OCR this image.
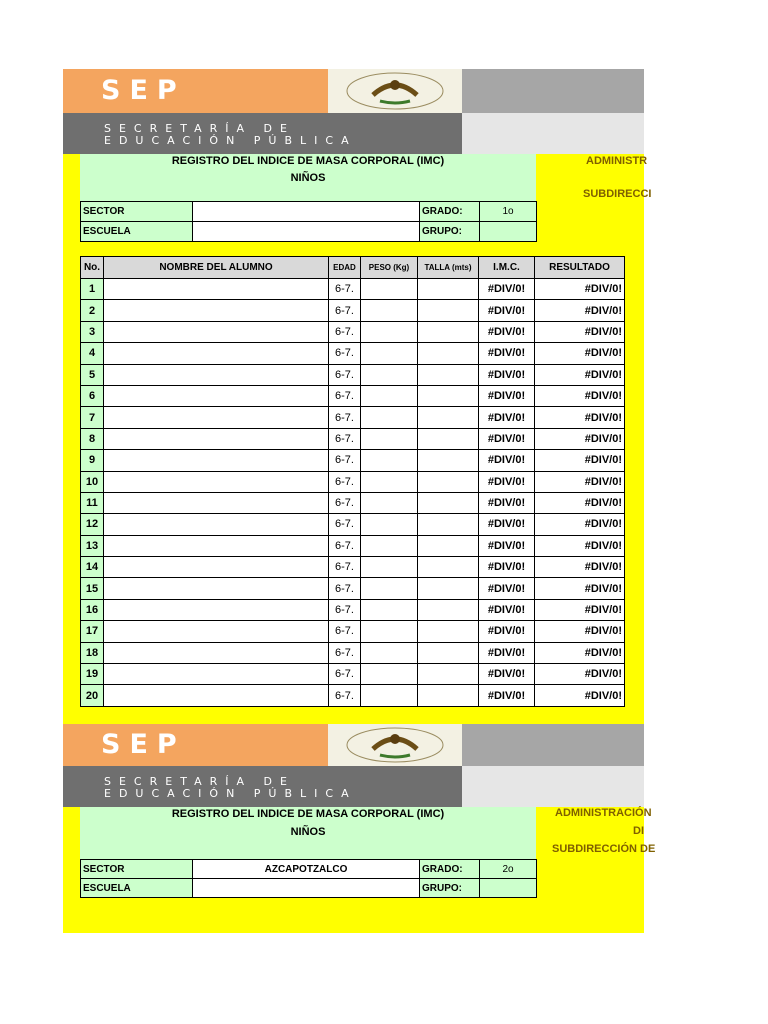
SEP
SECRETARÍA DE
EDUCACIÓN PÚBLICA
REGISTRO DEL INDICE DE MASA CORPORAL (IMC)
NIÑOS
ADMINISTR
SUBDIRECCI
SECTOR	GRADO:	1o
ESCUELA	GRUPO:
No.	NOMBRE DEL ALUMNO	EDAD	PESO (Kg)	TALLA (mts)	I.M.C.	RESULTADO
1		6-7.			#DIV/0!	#DIV/0!
2		6-7.			#DIV/0!	#DIV/0!
3		6-7.			#DIV/0!	#DIV/0!
4		6-7.			#DIV/0!	#DIV/0!
5		6-7.			#DIV/0!	#DIV/0!
6		6-7.			#DIV/0!	#DIV/0!
7		6-7.			#DIV/0!	#DIV/0!
8		6-7.			#DIV/0!	#DIV/0!
9		6-7.			#DIV/0!	#DIV/0!
10		6-7.			#DIV/0!	#DIV/0!
11		6-7.			#DIV/0!	#DIV/0!
12		6-7.			#DIV/0!	#DIV/0!
13		6-7.			#DIV/0!	#DIV/0!
14		6-7.			#DIV/0!	#DIV/0!
15		6-7.			#DIV/0!	#DIV/0!
16		6-7.			#DIV/0!	#DIV/0!
17		6-7.			#DIV/0!	#DIV/0!
18		6-7.			#DIV/0!	#DIV/0!
19		6-7.			#DIV/0!	#DIV/0!
20		6-7.			#DIV/0!	#DIV/0!
SEP
SECRETARÍA DE
EDUCACIÓN PÚBLICA
REGISTRO DEL INDICE DE MASA CORPORAL (IMC)
NIÑOS
ADMINISTRACIÓN
DI
SUBDIRECCIÓN DE
SECTOR	AZCAPOTZALCO	GRADO:	2o
ESCUELA	GRUPO:
